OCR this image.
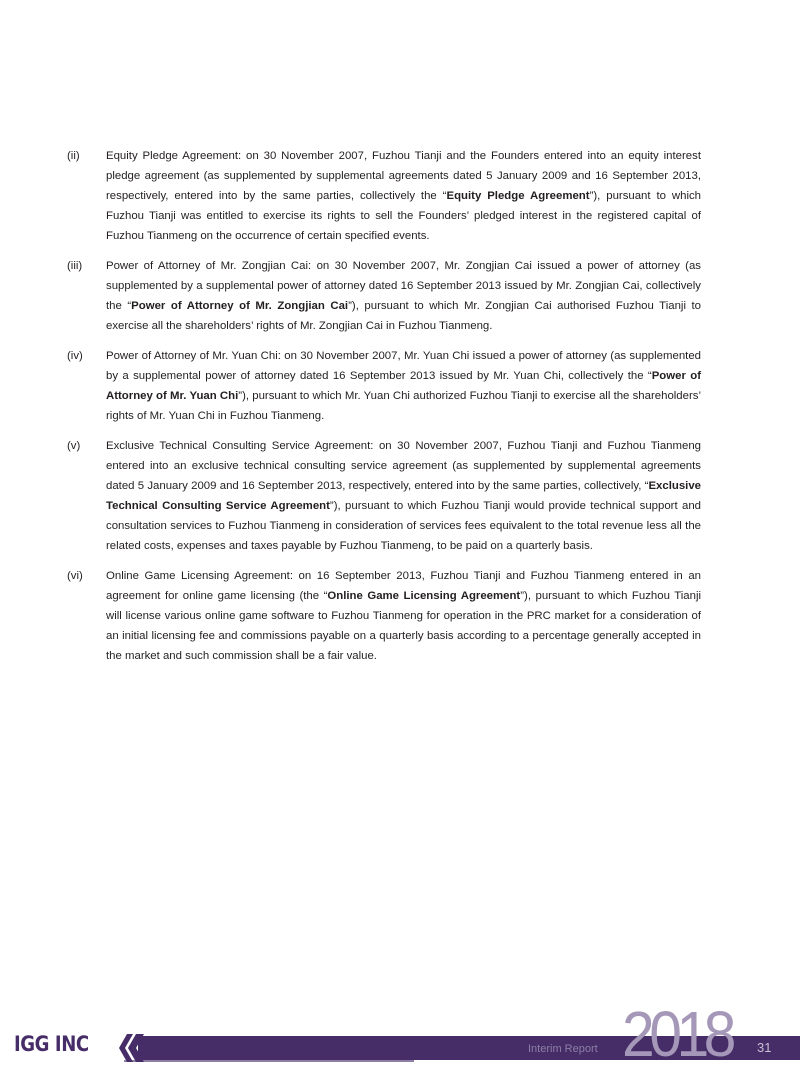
(ii)	Equity Pledge Agreement: on 30 November 2007, Fuzhou Tianji and the Founders entered into an equity interest pledge agreement (as supplemented by supplemental agreements dated 5 January 2009 and 16 September 2013, respectively, entered into by the same parties, collectively the “Equity Pledge Agreement”), pursuant to which Fuzhou Tianji was entitled to exercise its rights to sell the Founders’ pledged interest in the registered capital of Fuzhou Tianmeng on the occurrence of certain specified events.
(iii)	Power of Attorney of Mr. Zongjian Cai: on 30 November 2007, Mr. Zongjian Cai issued a power of attorney (as supplemented by a supplemental power of attorney dated 16 September 2013 issued by Mr. Zongjian Cai, collectively the “Power of Attorney of Mr. Zongjian Cai”), pursuant to which Mr. Zongjian Cai authorised Fuzhou Tianji to exercise all the shareholders’ rights of Mr. Zongjian Cai in Fuzhou Tianmeng.
(iv)	Power of Attorney of Mr. Yuan Chi: on 30 November 2007, Mr. Yuan Chi issued a power of attorney (as supplemented by a supplemental power of attorney dated 16 September 2013 issued by Mr. Yuan Chi, collectively the “Power of Attorney of Mr. Yuan Chi”), pursuant to which Mr. Yuan Chi authorized Fuzhou Tianji to exercise all the shareholders’ rights of Mr. Yuan Chi in Fuzhou Tianmeng.
(v)	Exclusive Technical Consulting Service Agreement: on 30 November 2007, Fuzhou Tianji and Fuzhou Tianmeng entered into an exclusive technical consulting service agreement (as supplemented by supplemental agreements dated 5 January 2009 and 16 September 2013, respectively, entered into by the same parties, collectively, “Exclusive Technical Consulting Service Agreement”), pursuant to which Fuzhou Tianji would provide technical support and consultation services to Fuzhou Tianmeng in consideration of services fees equivalent to the total revenue less all the related costs, expenses and taxes payable by Fuzhou Tianmeng, to be paid on a quarterly basis.
(vi)	Online Game Licensing Agreement: on 16 September 2013, Fuzhou Tianji and Fuzhou Tianmeng entered in an agreement for online game licensing (the “Online Game Licensing Agreement”), pursuant to which Fuzhou Tianji will license various online game software to Fuzhou Tianmeng for operation in the PRC market for a consideration of an initial licensing fee and commissions payable on a quarterly basis according to a percentage generally accepted in the market and such commission shall be a fair value.
IGG INC	Interim Report 2018 31
